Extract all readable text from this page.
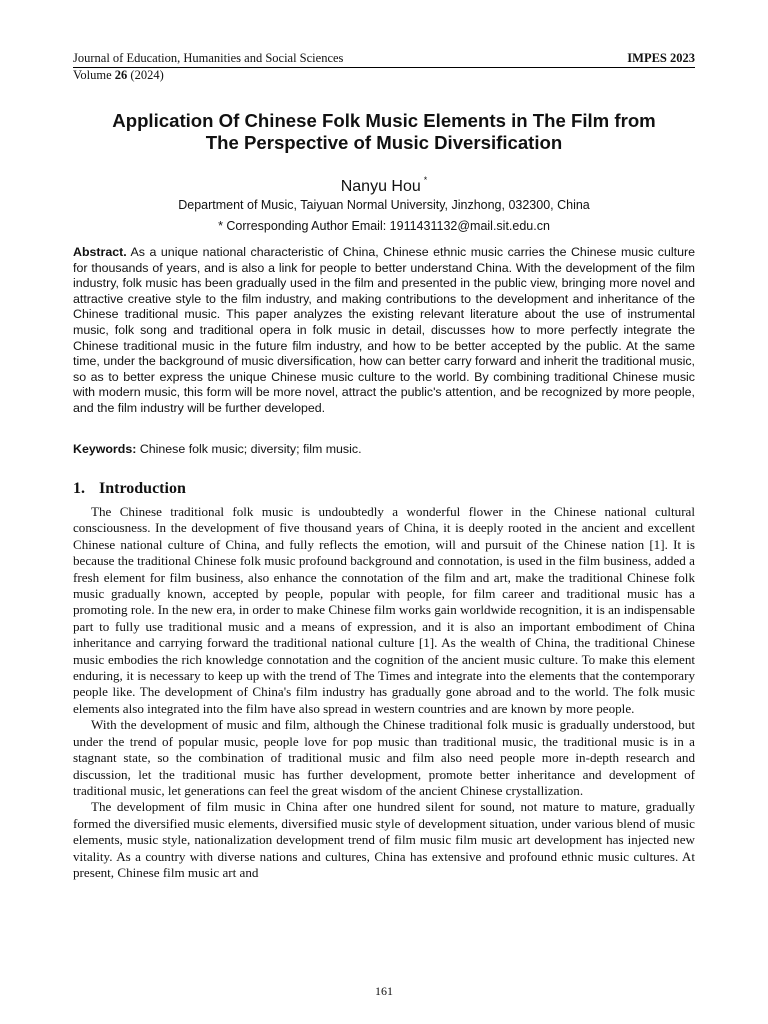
Journal of Education, Humanities and Social Sciences	IMPES 2023
Volume 26 (2024)
Application Of Chinese Folk Music Elements in The Film from
The Perspective of Music Diversification
Nanyu Hou *
Department of Music, Taiyuan Normal University, Jinzhong, 032300, China
* Corresponding Author Email: 1911431132@mail.sit.edu.cn

Abstract. As a unique national characteristic of China, Chinese ethnic music carries the Chinese music culture for thousands of years, and is also a link for people to better understand China. With the development of the film industry, folk music has been gradually used in the film and presented in the public view, bringing more novel and attractive creative style to the film industry, and making contributions to the development and inheritance of the Chinese traditional music. This paper analyzes the existing relevant literature about the use of instrumental music, folk song and traditional opera in folk music in detail, discusses how to more perfectly integrate the Chinese traditional music in the future film industry, and how to be better accepted by the public. At the same time, under the background of music diversification, how can better carry forward and inherit the traditional music, so as to better express the unique Chinese music culture to the world. By combining traditional Chinese music with modern music, this form will be more novel, attract the public's attention, and be recognized by more people, and the film industry will be further developed.

Keywords: Chinese folk music; diversity; film music.

1. Introduction

The Chinese traditional folk music is undoubtedly a wonderful flower in the Chinese national cultural consciousness. In the development of five thousand years of China, it is deeply rooted in the ancient and excellent Chinese national culture of China, and fully reflects the emotion, will and pursuit of the Chinese nation [1]. It is because the traditional Chinese folk music profound background and connotation, is used in the film business, added a fresh element for film business, also enhance the connotation of the film and art, make the traditional Chinese folk music gradually known, accepted by people, popular with people, for film career and traditional music has a promoting role. In the new era, in order to make Chinese film works gain worldwide recognition, it is an indispensable part to fully use traditional music and a means of expression, and it is also an important embodiment of China inheritance and carrying forward the traditional national culture [1]. As the wealth of China, the traditional Chinese music embodies the rich knowledge connotation and the cognition of the ancient music culture. To make this element enduring, it is necessary to keep up with the trend of The Times and integrate into the elements that the contemporary people like. The development of China's film industry has gradually gone abroad and to the world. The folk music elements also integrated into the film have also spread in western countries and are known by more people.

With the development of music and film, although the Chinese traditional folk music is gradually understood, but under the trend of popular music, people love for pop music than traditional music, the traditional music is in a stagnant state, so the combination of traditional music and film also need people more in-depth research and discussion, let the traditional music has further development, promote better inheritance and development of traditional music, let generations can feel the great wisdom of the ancient Chinese crystallization.

The development of film music in China after one hundred silent for sound, not mature to mature, gradually formed the diversified music elements, diversified music style of development situation, under various blend of music elements, music style, nationalization development trend of film music film music art development has injected new vitality. As a country with diverse nations and cultures, China has extensive and profound ethnic music cultures. At present, Chinese film music art and

161
